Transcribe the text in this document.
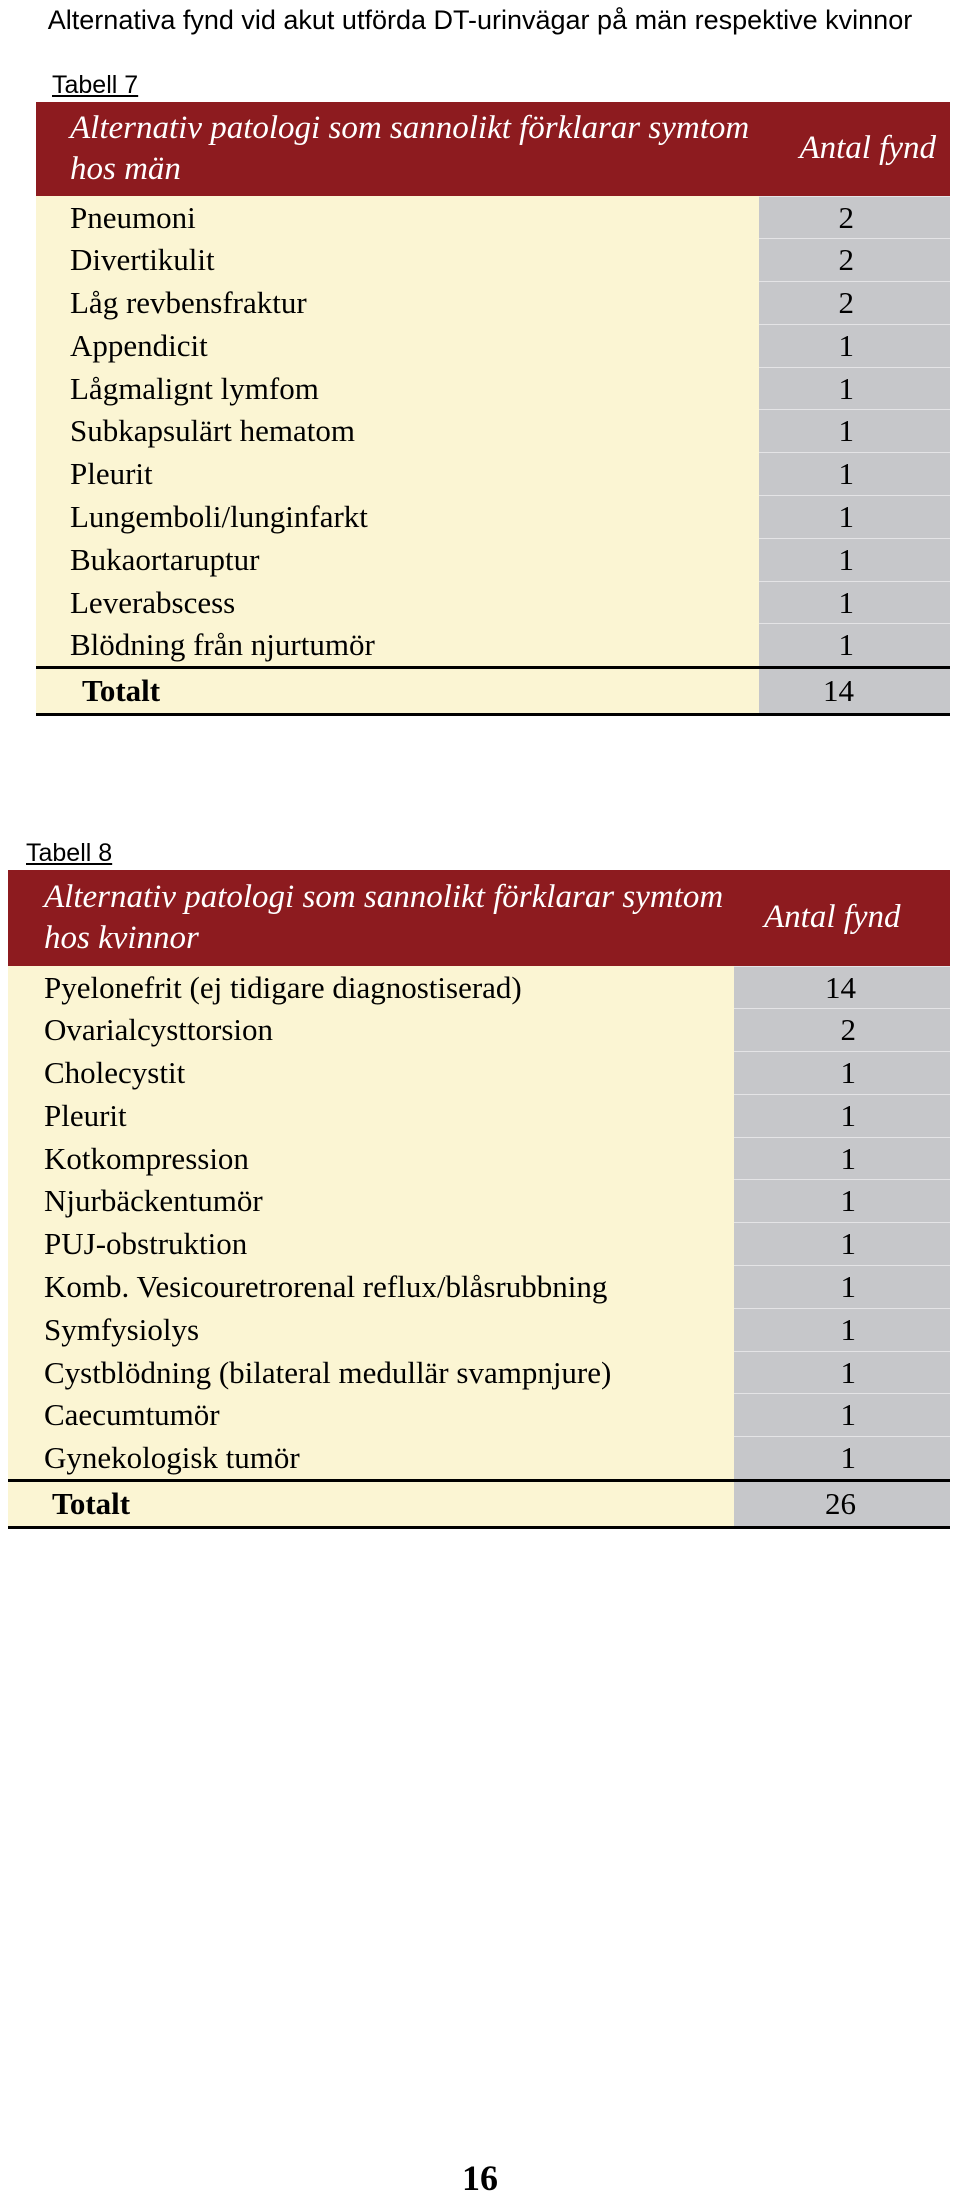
Alternativa fynd vid akut utförda DT-urinvägar på män respektive kvinnor
Tabell 7
Alternativ patologi som sannolikt förklarar symtom hos män	Antal fynd
Pneumoni	2
Divertikulit	2
Låg revbensfraktur	2
Appendicit	1
Lågmalignt lymfom	1
Subkapsulärt hematom	1
Pleurit	1
Lungemboli/lunginfarkt	1
Bukaortaruptur	1
Leverabscess	1
Blödning från njurtumör	1
Totalt	14
Tabell 8
Alternativ patologi som sannolikt förklarar symtom hos kvinnor	Antal fynd
Pyelonefrit (ej tidigare diagnostiserad)	14
Ovarialcysttorsion	2
Cholecystit	1
Pleurit	1
Kotkompression	1
Njurbäckentumör	1
PUJ-obstruktion	1
Komb. Vesicouretrorenal reflux/blåsrubbning	1
Symfysiolys	1
Cystblödning (bilateral medullär svampnjure)	1
Caecumtumör	1
Gynekologisk tumör	1
Totalt	26
16
